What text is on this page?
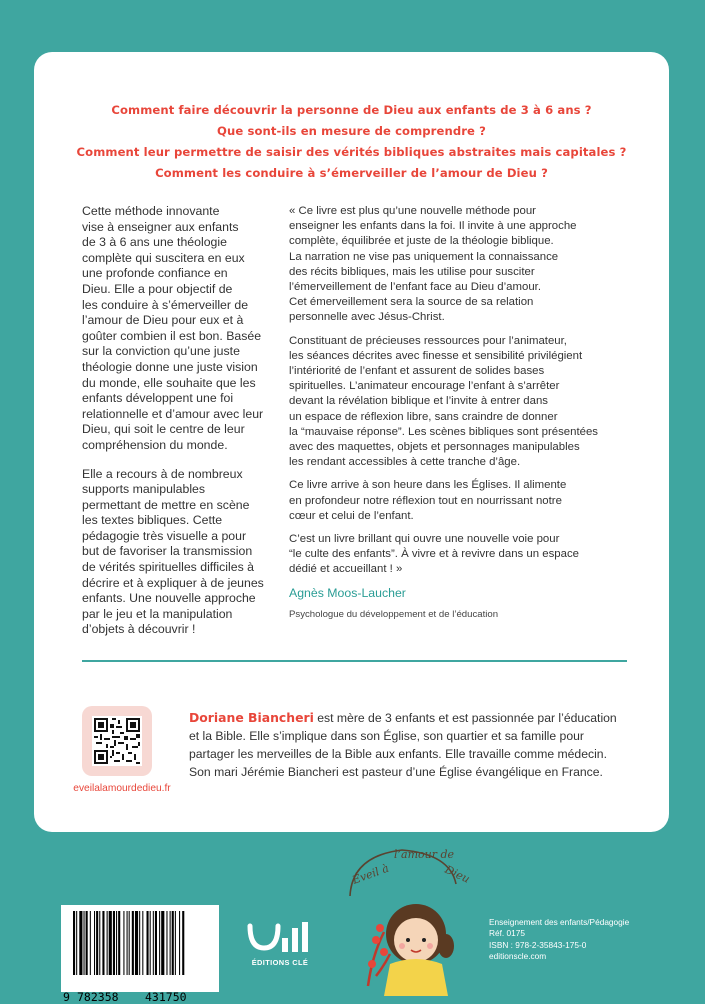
Comment faire découvrir la personne de Dieu aux enfants de 3 à 6 ans ?
Que sont-ils en mesure de comprendre ?
Comment leur permettre de saisir des vérités bibliques abstraites mais capitales ?
Comment les conduire à s’émerveiller de l’amour de Dieu ?

Cette méthode innovante
vise à enseigner aux enfants
de 3 à 6 ans une théologie
complète qui suscitera en eux
une profonde confiance en
Dieu. Elle a pour objectif de
les conduire à s’émerveiller de
l’amour de Dieu pour eux et à
goûter combien il est bon. Basée
sur la conviction qu’une juste
théologie donne une juste vision
du monde, elle souhaite que les
enfants développent une foi
relationnelle et d’amour avec leur
Dieu, qui soit le centre de leur
compréhension du monde.

Elle a recours à de nombreux
supports manipulables
permettant de mettre en scène
les textes bibliques. Cette
pédagogie très visuelle a pour
but de favoriser la transmission
de vérités spirituelles difficiles à
décrire et à expliquer à de jeunes
enfants. Une nouvelle approche
par le jeu et la manipulation
d’objets à découvrir !

« Ce livre est plus qu’une nouvelle méthode pour
enseigner les enfants dans la foi. Il invite à une approche
complète, équilibrée et juste de la théologie biblique.
La narration ne vise pas uniquement la connaissance
des récits bibliques, mais les utilise pour susciter
l’émerveillement de l’enfant face au Dieu d’amour.
Cet émerveillement sera la source de sa relation
personnelle avec Jésus-Christ.

Constituant de précieuses ressources pour l’animateur,
les séances décrites avec finesse et sensibilité privilégient
l’intériorité de l’enfant et assurent de solides bases
spirituelles. L’animateur encourage l’enfant à s’arrêter
devant la révélation biblique et l’invite à entrer dans
un espace de réflexion libre, sans craindre de donner
la “mauvaise réponse”. Les scènes bibliques sont présentées
avec des maquettes, objets et personnages manipulables
les rendant accessibles à cette tranche d’âge.

Ce livre arrive à son heure dans les Églises. Il alimente
en profondeur notre réflexion tout en nourrissant notre
cœur et celui de l’enfant.

C’est un livre brillant qui ouvre une nouvelle voie pour
“le culte des enfants”. À vivre et à revivre dans un espace
dédié et accueillant ! »

Agnès Moos-Laucher
Psychologue du développement et de l’éducation
eveilalamourdedieu.fr
Doriane Biancheri est mère de 3 enfants et est passionnée par l’éducation
et la Bible. Elle s’implique dans son Église, son quartier et sa famille pour
partager les merveilles de la Bible aux enfants. Elle travaille comme médecin.
Son mari Jérémie Biancheri est pasteur d’une Église évangélique en France.
9 782358 431750
ÉDITIONS CLÉ
Éveil à
l’amour de
Dieu
Enseignement des enfants/Pédagogie
Réf. 0175
ISBN : 978-2-35843-175-0
editionscle.com
